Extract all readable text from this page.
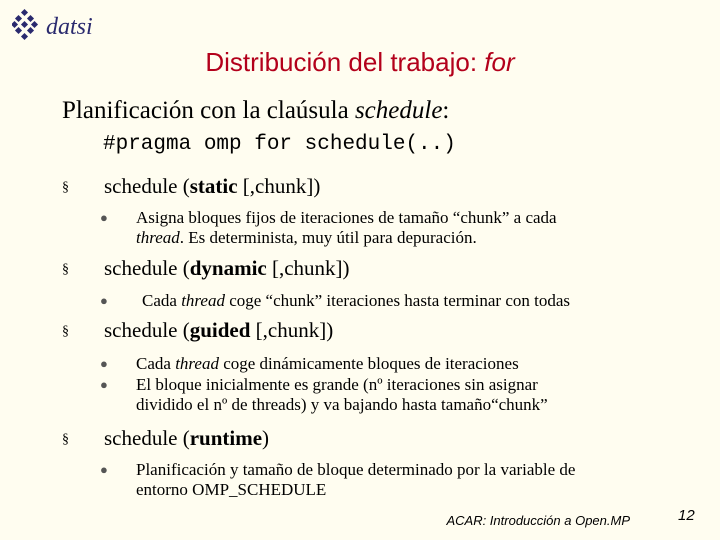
datsi
Distribución del trabajo: for
Planificación con la claúsula schedule:
#pragma omp for schedule(..)
§ schedule (static [,chunk])
● Asigna bloques fijos de iteraciones de tamaño “chunk” a cada
thread. Es determinista, muy útil para depuración.
§ schedule (dynamic [,chunk])
● Cada thread coge “chunk” iteraciones hasta terminar con todas
§ schedule (guided [,chunk])
● Cada thread coge dinámicamente bloques de iteraciones
● El bloque inicialmente es grande (nº iteraciones sin asignar
dividido el nº de threads) y va bajando hasta tamaño“chunk”
§ schedule (runtime)
● Planificación y tamaño de bloque determinado por la variable de
entorno OMP_SCHEDULE
ACAR: Introducción a Open.MP	12
